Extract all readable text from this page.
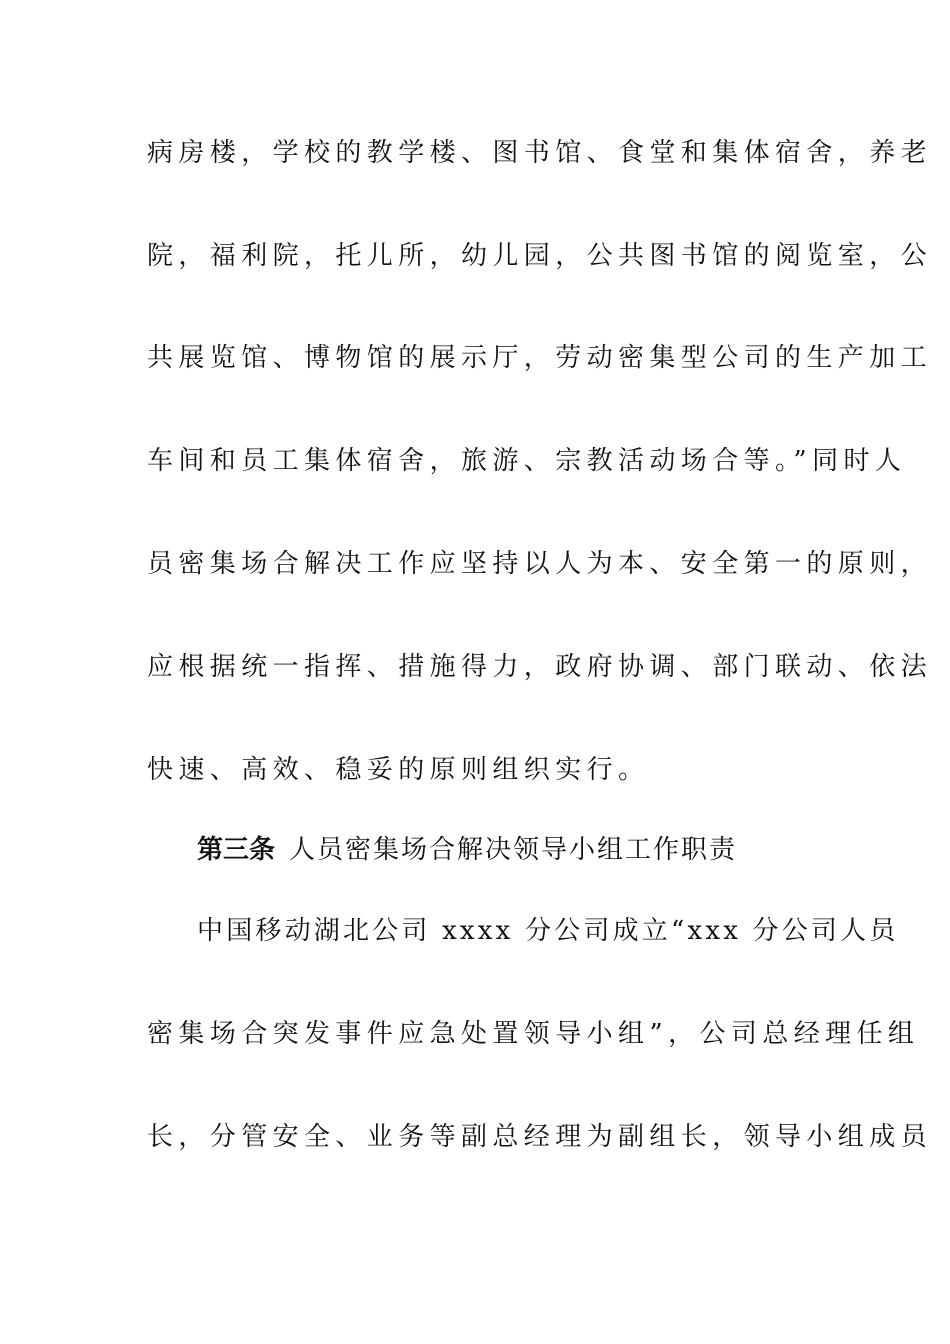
病房楼，学校的教学楼、图书馆、食堂和集体宿舍，养老
院，福利院，托儿所，幼儿园，公共图书馆的阅览室，公
共展览馆、博物馆的展示厅，劳动密集型公司的生产加工
车间和员工集体宿舍，旅游、宗教活动场合等。”同时人
员密集场合解决工作应坚持以人为本、安全第一的原则，
应根据统一指挥、措施得力，政府协调、部门联动、依法
快速、高效、稳妥的原则组织实行。
第三条 人员密集场合解决领导小组工作职责
中国移动湖北公司 xxxx 分公司成立“xxx 分公司人员
密集场合突发事件应急处置领导小组”，公司总经理任组
长，分管安全、业务等副总经理为副组长，领导小组成员
